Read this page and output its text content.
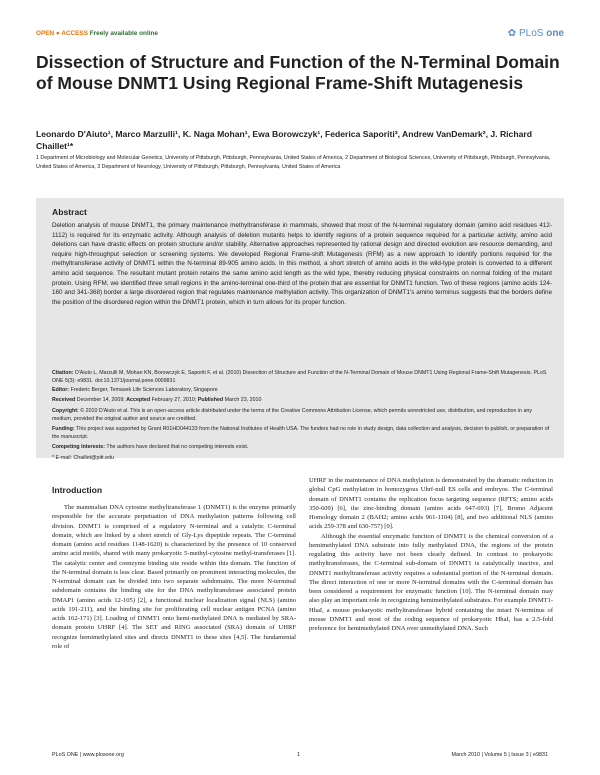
OPEN ● ACCESS Freely available online	✿ PLoS one
Dissection of Structure and Function of the N-Terminal Domain of Mouse DNMT1 Using Regional Frame-Shift Mutagenesis
Leonardo D'Aiuto¹, Marco Marzulli¹, K. Naga Mohan¹, Ewa Borowczyk¹, Federica Saporiti³, Andrew VanDemark², J. Richard Chaillet¹*
1 Department of Microbiology and Molecular Genetics, University of Pittsburgh, Pittsburgh, Pennsylvania, United States of America, 2 Department of Biological Sciences, University of Pittsburgh, Pittsburgh, Pennsylvania, United States of America, 3 Department of Neurology, University of Pittsburgh, Pittsburgh, Pennsylvania, United States of America
Abstract
Deletion analysis of mouse DNMT1, the primary maintenance methyltransferase in mammals, showed that most of the N-terminal regulatory domain (amino acid residues 412-1112) is required for its enzymatic activity. Although analysis of deletion mutants helps to identify regions of a protein sequence required for a particular activity, amino acid deletions can have drastic effects on protein structure and/or stability. Alternative approaches represented by rational design and directed evolution are resource demanding, and require high-throughput selection or screening systems. We developed Regional Frame-shift Mutagenesis (RFM) as a new approach to identify portions required for the methyltransferase activity of DNMT1 within the N-terminal 89-905 amino acids. In this method, a short stretch of amino acids in the wild-type protein is converted to a different amino acid sequence. The resultant mutant protein retains the same amino acid length as the wild type, thereby reducing physical constraints on normal folding of the mutant protein. Using RFM, we identified three small regions in the amino-terminal one-third of the protein that are essential for DNMT1 function. Two of these regions (amino acids 124-160 and 341-368) border a large disordered region that regulates maintenance methylation activity. This organization of DNMT1's amino terminus suggests that the borders define the position of the disordered region within the DNMT1 protein, which in turn allows for its proper function.
Citation: D'Aiuto L, Marzulli M, Mohan KN, Borowczyk E, Saporiti F, et al. (2010) Dissection of Structure and Function of the N-Terminal Domain of Mouse DNMT1 Using Regional Frame-Shift Mutagenesis. PLoS ONE 5(3): e9831. doi:10.1371/journal.pone.0009831
Editor: Frederic Berger, Temasek Life Sciences Laboratory, Singapore
Received December 14, 2009; Accepted February 27, 2010; Published March 23, 2010
Copyright: © 2010 D'Aiuto et al. This is an open-access article distributed under the terms of the Creative Commons Attribution License, which permits unrestricted use, distribution, and reproduction in any medium, provided the original author and source are credited.
Funding: This project was supported by Grant R01HD044133 from the National Institutes of Health USA. The funders had no role in study design, data collection and analysis, decision to publish, or preparation of the manuscript.
Competing Interests: The authors have declared that no competing interests exist.
* E-mail: Chaillet@pitt.edu
Introduction

The mammalian DNA cytosine methyltransferase 1 (DNMT1) is the enzyme primarily responsible for the accurate perpetuation of DNA methylation patterns following cell division. DNMT1 is comprised of a regulatory N-terminal and a catalytic C-terminal domain, which are linked by a short stretch of Gly-Lys dipeptide repeats. The C-terminal domain (amino acid residues 1148-1620) is characterized by the presence of 10 conserved amino acid motifs, shared with many prokaryotic 5-methyl-cytosine methyl-transferases [1]. The catalytic center and coenzyme binding site reside within this domain. The function of the N-terminal domain is less clear. Based primarily on prominent interacting molecules, the N-terminal domain can be divided into two separate subdomains. The more N-terminal subdomain contains the binding site for the DNA methyltransferase associated protein DMAP1 (amino acids 12-105) [2], a functional nuclear localization signal (NLS) (amino acids 191-211), and the binding site for proliferating cell nuclear antigen PCNA (amino acids 162-171) [3]. Loading of DNMT1 onto hemi-methylated DNA is mediated by SRA-domain protein UHRF [4]. The SET and RING associated (SRA) domain of UHRF recognize hemimethylated sites and directs DNMT1 to these sites [4,5]. The fundamental role of

UHRF in the maintenance of DNA methylation is demonstrated by the dramatic reduction in global CpG methylation in homozygous Uhrf-null ES cells and embryos. The C-terminal domain of DNMT1 contains the replication focus targeting sequence (RFTS; amino acids 350-609) [6], the zinc-binding domain (amino acids 647-693) [7], Bromo Adjacent Homology domain 2 (BAH2; amino acids 961-1104) [8], and two additional NLS (amino acids 259-378 and 630-757) [9].

Although the essential enzymatic function of DNMT1 is the chemical conversion of a hemimethylated DNA substrate into fully methylated DNA, the regions of the protein regulating this activity have not been clearly defined. In contrast to prokaryotic methyltransferases, the C-terminal sub-domain of DNMT1 is catalytically inactive, and DNMT1 methyltransferase activity requires a substantial portion of the N-terminal domain. The direct interaction of one or more N-terminal domains with the C-terminal domain has been considered a requirement for enzymatic function [10]. The N-terminal domain may also play an important role in recognizing hemimethylated substrates. For example DNMT1-HhaI, a mouse prokaryotic methyltransferase hybrid containing the intact N-terminus of mouse DNMT1 and most of the coding sequence of prokaryotic HhaI, has a 2.5-fold preference for hemimethylated DNA over unmethylated DNA. Such

PLoS ONE | www.plosone.org	1	March 2010 | Volume 5 | Issue 3 | e9831
